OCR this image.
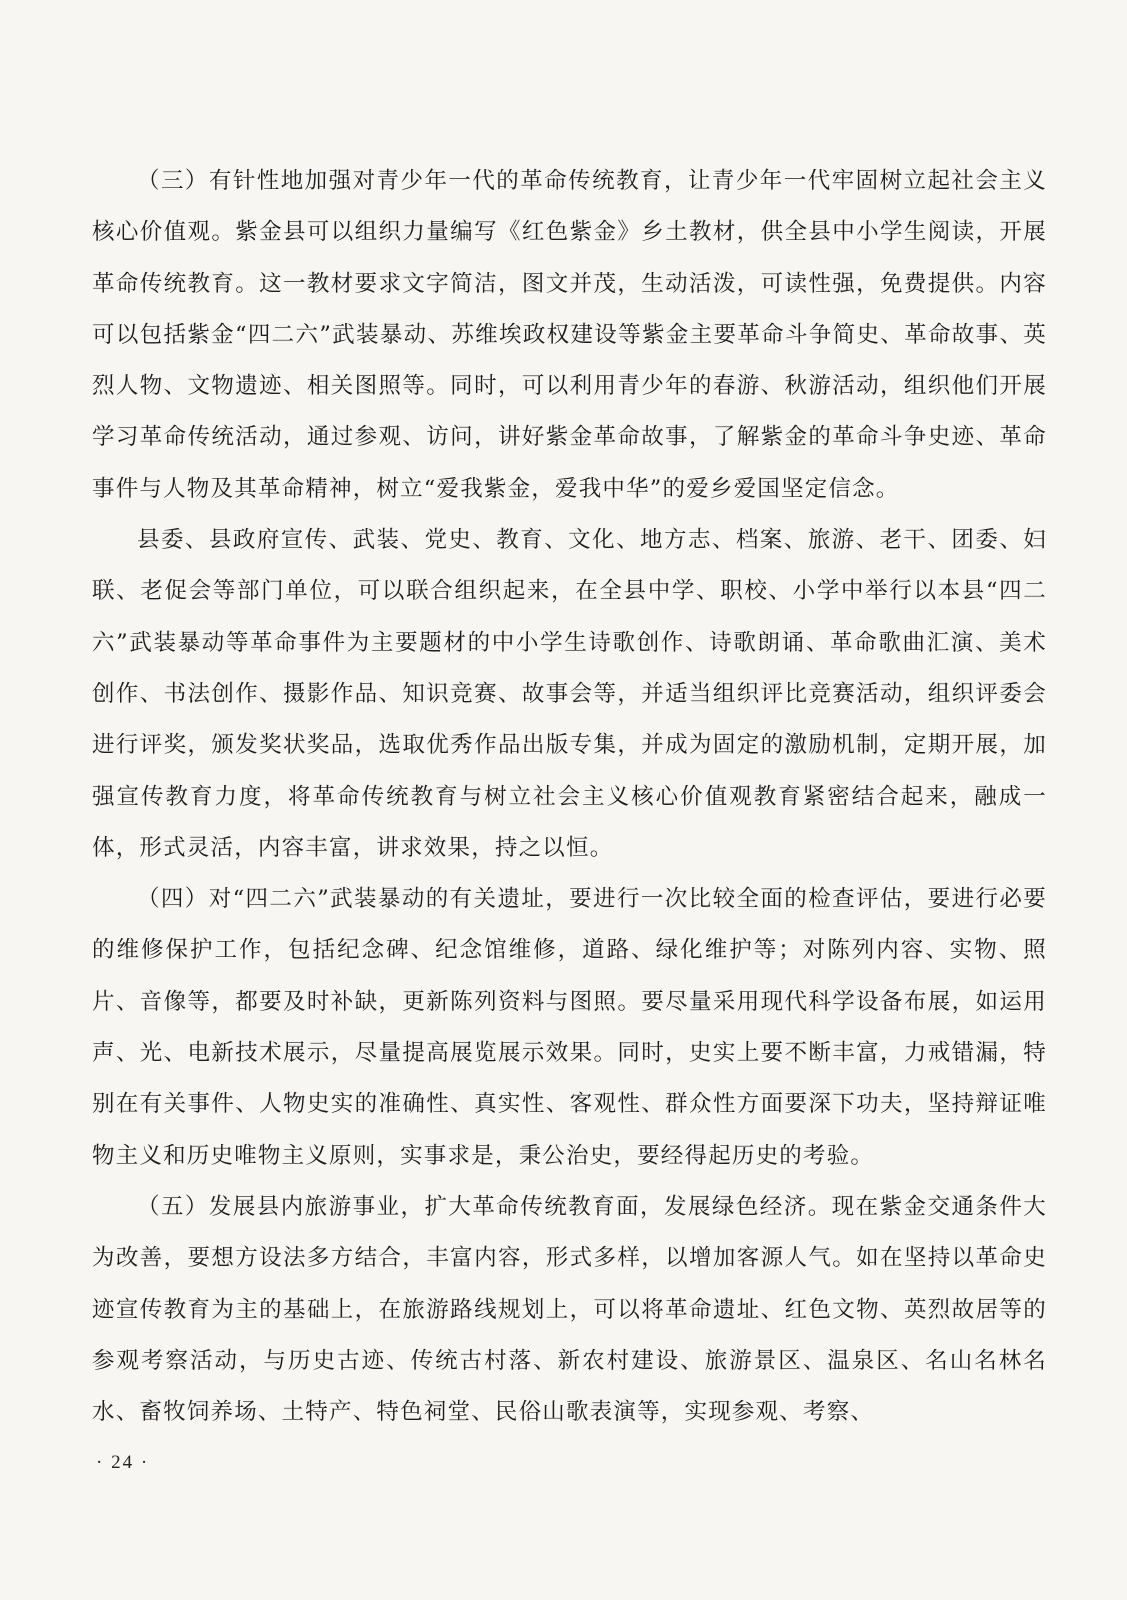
（三）有针性地加强对青少年一代的革命传统教育，让青少年一代牢固树立起社会主义核心价值观。紫金县可以组织力量编写《红色紫金》乡土教材，供全县中小学生阅读，开展革命传统教育。这一教材要求文字简洁，图文并茂，生动活泼，可读性强，免费提供。内容可以包括紫金“四二六”武装暴动、苏维埃政权建设等紫金主要革命斗争简史、革命故事、英烈人物、文物遗迹、相关图照等。同时，可以利用青少年的春游、秋游活动，组织他们开展学习革命传统活动，通过参观、访问，讲好紫金革命故事，了解紫金的革命斗争史迹、革命事件与人物及其革命精神，树立“爱我紫金，爱我中华”的爱乡爱国坚定信念。

县委、县政府宣传、武装、党史、教育、文化、地方志、档案、旅游、老干、团委、妇联、老促会等部门单位，可以联合组织起来，在全县中学、职校、小学中举行以本县“四二六”武装暴动等革命事件为主要题材的中小学生诗歌创作、诗歌朗诵、革命歌曲汇演、美术创作、书法创作、摄影作品、知识竞赛、故事会等，并适当组织评比竞赛活动，组织评委会进行评奖，颁发奖状奖品，选取优秀作品出版专集，并成为固定的激励机制，定期开展，加强宣传教育力度，将革命传统教育与树立社会主义核心价值观教育紧密结合起来，融成一体，形式灵活，内容丰富，讲求效果，持之以恒。

（四）对“四二六”武装暴动的有关遗址，要进行一次比较全面的检查评估，要进行必要的维修保护工作，包括纪念碑、纪念馆维修，道路、绿化维护等；对陈列内容、实物、照片、音像等，都要及时补缺，更新陈列资料与图照。要尽量采用现代科学设备布展，如运用声、光、电新技术展示，尽量提高展览展示效果。同时，史实上要不断丰富，力戒错漏，特别在有关事件、人物史实的准确性、真实性、客观性、群众性方面要深下功夫，坚持辩证唯物主义和历史唯物主义原则，实事求是，秉公治史，要经得起历史的考验。

（五）发展县内旅游事业，扩大革命传统教育面，发展绿色经济。现在紫金交通条件大为改善，要想方设法多方结合，丰富内容，形式多样，以增加客源人气。如在坚持以革命史迹宣传教育为主的基础上，在旅游路线规划上，可以将革命遗址、红色文物、英烈故居等的参观考察活动，与历史古迹、传统古村落、新农村建设、旅游景区、温泉区、名山名林名水、畜牧饲养场、土特产、特色祠堂、民俗山歌表演等，实现参观、考察、

· 24 ·
